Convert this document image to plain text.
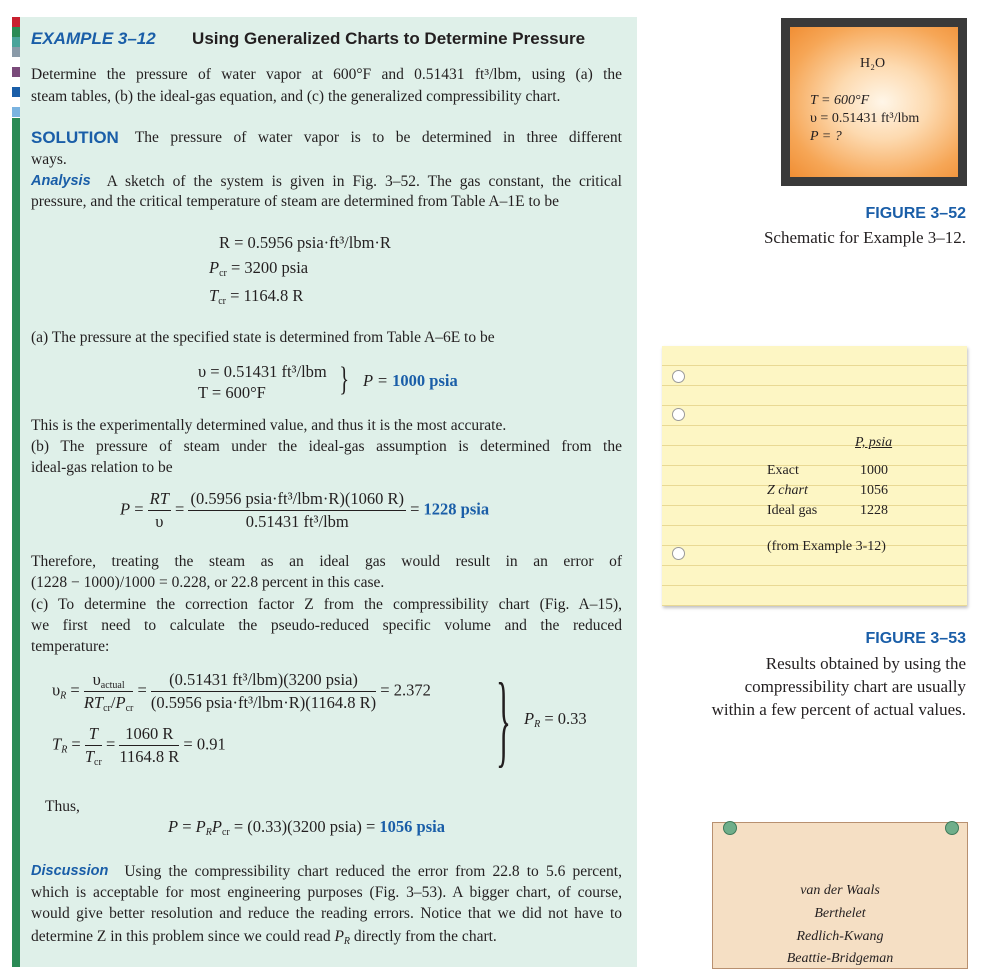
EXAMPLE 3–12 Using Generalized Charts to Determine Pressure
Determine the pressure of water vapor at 600°F and 0.51431 ft³/lbm, using (a) the
steam tables, (b) the ideal-gas equation, and (c) the generalized compressibility chart.
SOLUTION The pressure of water vapor is to be determined in three different
ways.
Analysis A sketch of the system is given in Fig. 3–52. The gas constant, the critical
pressure, and the critical temperature of steam are determined from Table A–1E to be
R = 0.5956 psia·ft³/lbm·R
$P_{cr} = 3200$ psia
$T_{cr} = 1164.8$ R
(a) The pressure at the specified state is determined from Table A–6E to be
υ = 0.51431 ft³/lbm
T = 600°F } P = 1000 psia
This is the experimentally determined value, and thus it is the most accurate.
(b) The pressure of steam under the ideal-gas assumption is determined from the
ideal-gas relation to be
$P = \frac{RT}{\upsilon} = \frac{\text{(0.5956 psia·ft³/lbm·R)(1060 R)}}{\text{0.51431 ft³/lbm}} = 1228$ psia
Therefore, treating the steam as an ideal gas would result in an error of
(1228 − 1000)/1000 = 0.228, or 22.8 percent in this case.
(c) To determine the correction factor Z from the compressibility chart (Fig. A–15),
we first need to calculate the pseudo-reduced specific volume and the reduced
temperature:
$\upsilon_R = \frac{\upsilon_{actual}}{RT_{cr}/P_{cr}} = \frac{\text{(0.51431 ft³/lbm)(3200 psia)}}{\text{(0.5956 psia·ft³/lbm·R)(1164.8 R)}} = 2.372$
$T_R = \frac{T}{T_{cr}} = \frac{1060 R}{1164.8 R} = 0.91$	} $P_R = 0.33$
Thus,
$P = P_RP_{cr} = (0.33)(3200$ psia) = 1056 psia
Discussion Using the compressibility chart reduced the error from 22.8 to 5.6 percent,
which is acceptable for most engineering purposes (Fig. 3–53). A bigger chart, of course,
would give better resolution and reduce the reading errors. Notice that we did not have to
determine Z in this problem since we could read $P_R$ directly from the chart.
H₂O
T = 600°F
υ = 0.51431 ft³/lbm
P = ?
FIGURE 3–52
Schematic for Example 3–12.
P, psia
Exact	1000
Z chart	1056
Ideal gas	1228
(from Example 3-12)
FIGURE 3–53
Results obtained by using the
compressibility chart are usually
within a few percent of actual values.
van der Waals
Berthelet
Redlich-Kwang
Beattie-Bridgeman
